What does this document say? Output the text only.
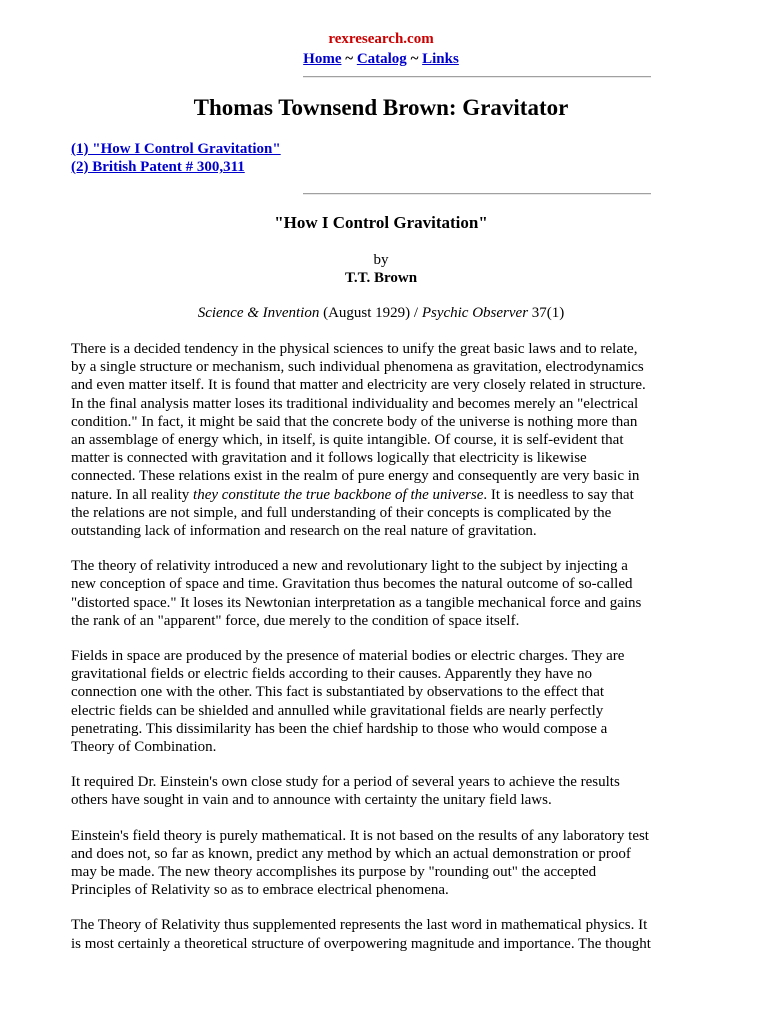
rexresearch.com
Home ~ Catalog ~ Links
Thomas Townsend Brown: Gravitator
(1) "How I Control Gravitation"
(2) British Patent # 300,311
"How I Control Gravitation"
by
T.T. Brown
Science & Invention (August 1929) / Psychic Observer 37(1)

There is a decided tendency in the physical sciences to unify the great basic laws and to relate,
by a single structure or mechanism, such individual phenomena as gravitation, electrodynamics
and even matter itself. It is found that matter and electricity are very closely related in structure.
In the final analysis matter loses its traditional individuality and becomes merely an "electrical
condition." In fact, it might be said that the concrete body of the universe is nothing more than
an assemblage of energy which, in itself, is quite intangible. Of course, it is self-evident that
matter is connected with gravitation and it follows logically that electricity is likewise
connected. These relations exist in the realm of pure energy and consequently are very basic in
nature. In all reality they constitute the true backbone of the universe. It is needless to say that
the relations are not simple, and full understanding of their concepts is complicated by the
outstanding lack of information and research on the real nature of gravitation.

The theory of relativity introduced a new and revolutionary light to the subject by injecting a
new conception of space and time. Gravitation thus becomes the natural outcome of so-called
"distorted space." It loses its Newtonian interpretation as a tangible mechanical force and gains
the rank of an "apparent" force, due merely to the condition of space itself.

Fields in space are produced by the presence of material bodies or electric charges. They are
gravitational fields or electric fields according to their causes. Apparently they have no
connection one with the other. This fact is substantiated by observations to the effect that
electric fields can be shielded and annulled while gravitational fields are nearly perfectly
penetrating. This dissimilarity has been the chief hardship to those who would compose a
Theory of Combination.

It required Dr. Einstein's own close study for a period of several years to achieve the results
others have sought in vain and to announce with certainty the unitary field laws.

Einstein's field theory is purely mathematical. It is not based on the results of any laboratory test
and does not, so far as known, predict any method by which an actual demonstration or proof
may be made. The new theory accomplishes its purpose by "rounding out" the accepted
Principles of Relativity so as to embrace electrical phenomena.

The Theory of Relativity thus supplemented represents the last word in mathematical physics. It
is most certainly a theoretical structure of overpowering magnitude and importance. The thought
